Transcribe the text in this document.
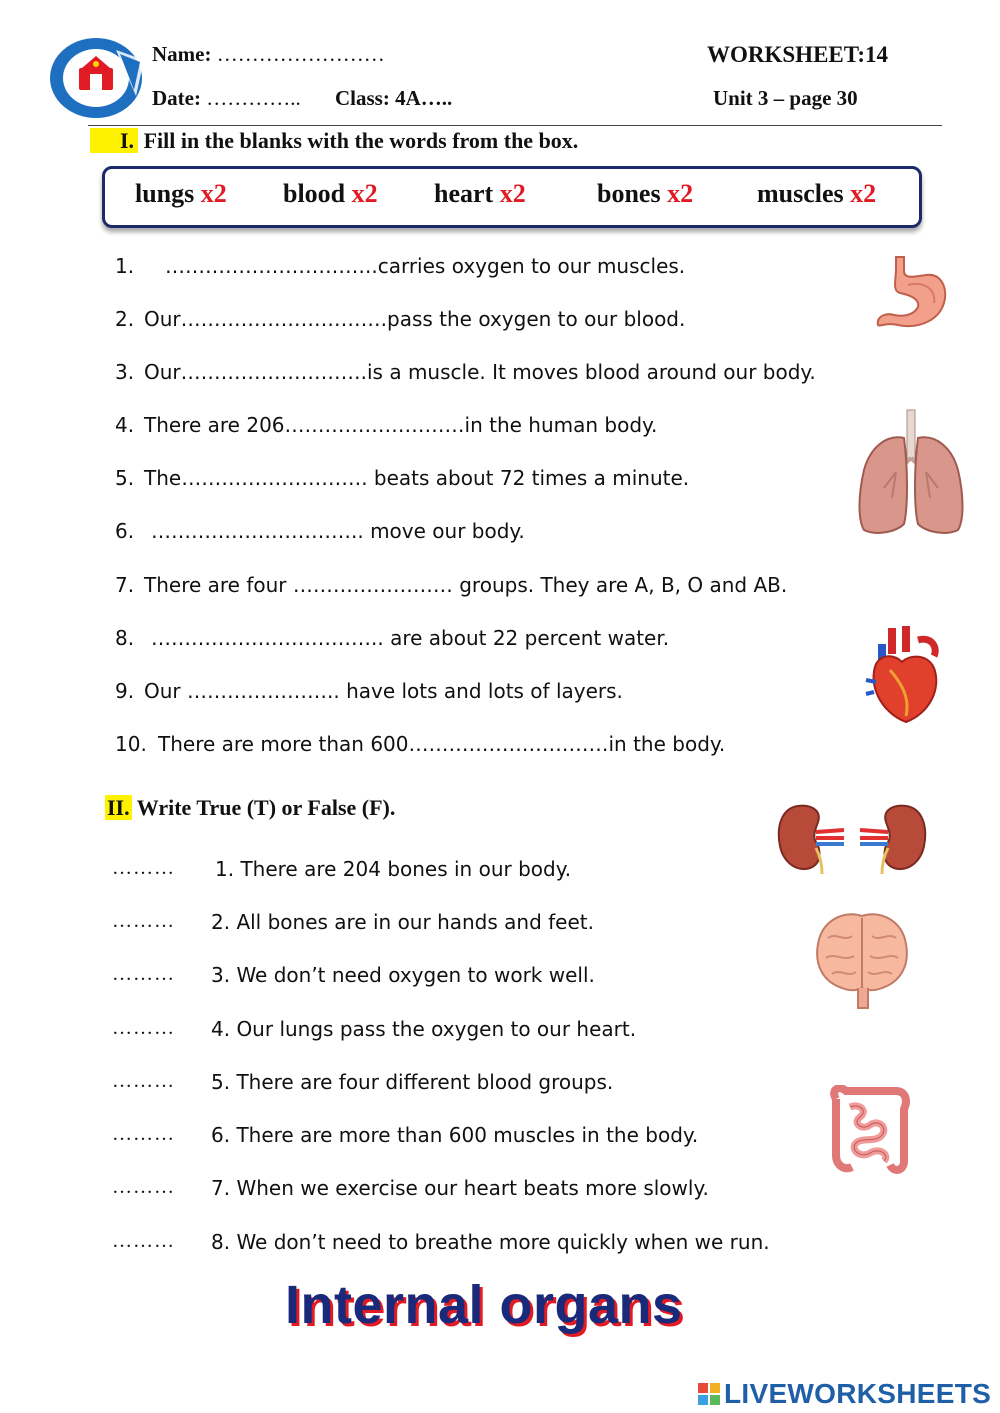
Name: ……………………
Date: ………….. Class: 4A…..
WORKSHEET:14
Unit 3 – page 30
I. Fill in the blanks with the words from the box.
lungs x2 blood x2 heart x2	bones x2 muscles x2
1. …………………………..carries oxygen to our muscles.
2. Our………………………….pass the oxygen to our blood.
3. Our……………………….is a muscle. It moves blood around our body.
4. There are 206………………………in the human body.
5. The………………………. beats about 72 times a minute.
6. ………………………….. move our body.
7. There are four …………………… groups. They are A, B, O and AB.
8. …………………………….. are about 22 percent water.
9. Our ………………….. have lots and lots of layers.
10. There are more than 600…………………………in the body.
II. Write True (T) or False (F).
……… 1. There are 204 bones in our body.
……… 2. All bones are in our hands and feet.
……… 3. We don’t need oxygen to work well.
……… 4. Our lungs pass the oxygen to our heart.
……… 5. There are four different blood groups.
……… 6. There are more than 600 muscles in the body.
……… 7. When we exercise our heart beats more slowly.
……… 8. We don’t need to breathe more quickly when we run.
Internal organs
LIVEWORKSHEETS
